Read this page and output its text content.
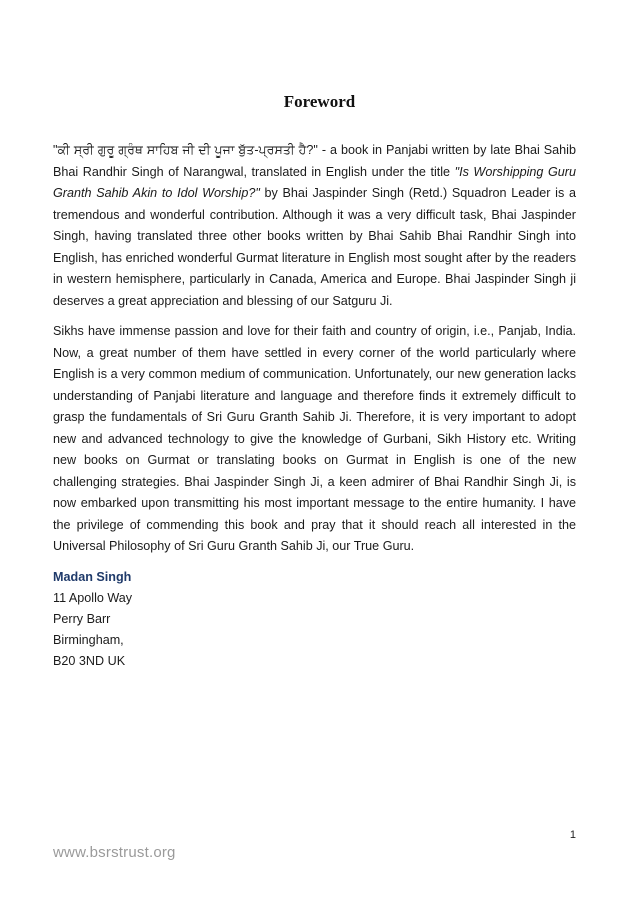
Foreword

"ਕੀ ਸ੍ਰੀ ਗੁਰੂ ਗ੍ਰੰਥ ਸਾਹਿਬ ਜੀ ਦੀ ਪੂਜਾ ਬੁੱਤ-ਪ੍ਰਸਤੀ ਹੈ?" - a book in Panjabi written by late Bhai Sahib Bhai Randhir Singh of Narangwal, translated in English under the title "Is Worshipping Guru Granth Sahib Akin to Idol Worship?" by Bhai Jaspinder Singh (Retd.) Squadron Leader is a tremendous and wonderful contribution. Although it was a very difficult task, Bhai Jaspinder Singh, having translated three other books written by Bhai Sahib Bhai Randhir Singh into English, has enriched wonderful Gurmat literature in English most sought after by the readers in western hemisphere, particularly in Canada, America and Europe. Bhai Jaspinder Singh ji deserves a great appreciation and blessing of our Satguru Ji.

Sikhs have immense passion and love for their faith and country of origin, i.e., Panjab, India. Now, a great number of them have settled in every corner of the world particularly where English is a very common medium of communication. Unfortunately, our new generation lacks understanding of Panjabi literature and language and therefore finds it extremely difficult to grasp the fundamentals of Sri Guru Granth Sahib Ji. Therefore, it is very important to adopt new and advanced technology to give the knowledge of Gurbani, Sikh History etc. Writing new books on Gurmat or translating books on Gurmat in English is one of the new challenging strategies. Bhai Jaspinder Singh Ji, a keen admirer of Bhai Randhir Singh Ji, is now embarked upon transmitting his most important message to the entire humanity. I have the privilege of commending this book and pray that it should reach all interested in the Universal Philosophy of Sri Guru Granth Sahib Ji, our True Guru.

Madan Singh
11 Apollo Way
Perry Barr
Birmingham,
B20 3ND UK
1
www.bsrstrust.org
